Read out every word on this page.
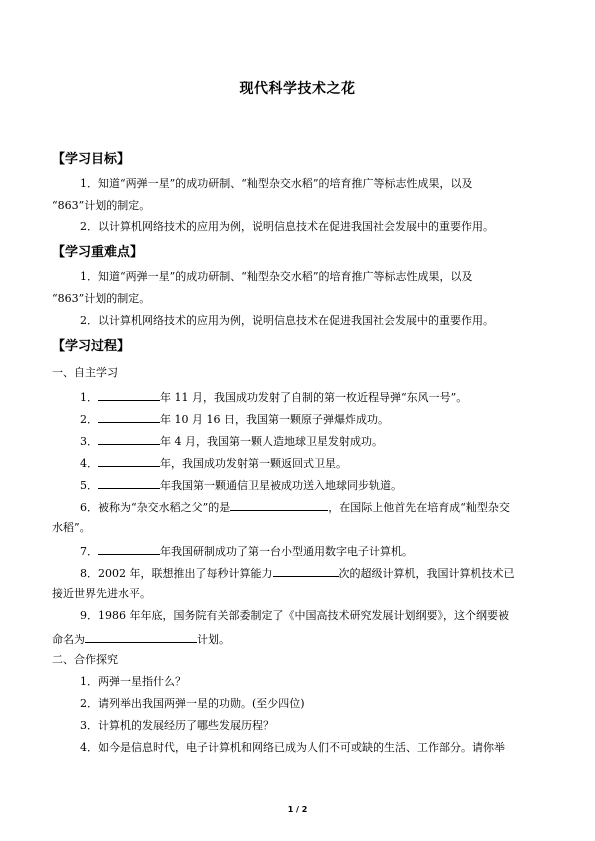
现代科学技术之花
【学习目标】
1．知道“两弹一星”的成功研制、“籼型杂交水稻”的培育推广等标志性成果，以及
“863”计划的制定。
2．以计算机网络技术的应用为例，说明信息技术在促进我国社会发展中的重要作用。
【学习重难点】
1．知道“两弹一星”的成功研制、“籼型杂交水稻”的培育推广等标志性成果，以及
“863”计划的制定。
2．以计算机网络技术的应用为例，说明信息技术在促进我国社会发展中的重要作用。
【学习过程】
一、自主学习
1．	年 11 月，我国成功发射了自制的第一枚近程导弹“东风一号”。
2．	年 10 月 16 日，我国第一颗原子弹爆炸成功。
3．	年 4 月，我国第一颗人造地球卫星发射成功。
4．	年，我国成功发射第一颗返回式卫星。
5．	年我国第一颗通信卫星被成功送入地球同步轨道。
6．被称为“杂交水稻之父”的是	，在国际上他首先在培育成“籼型杂交
水稻”。
7．	年我国研制成功了第一台小型通用数字电子计算机。
8．2002 年，联想推出了每秒计算能力	次的超级计算机，我国计算机技术已
接近世界先进水平。
9．1986 年年底，国务院有关部委制定了《中国高技术研究发展计划纲要》，这个纲要被
命名为	计划。
二、合作探究
1．两弹一星指什么？
2．请列举出我国两弹一星的功勋。(至少四位)
3．计算机的发展经历了哪些发展历程？
4．如今是信息时代，电子计算机和网络已成为人们不可或缺的生活、工作部分。请你举
1 / 2
